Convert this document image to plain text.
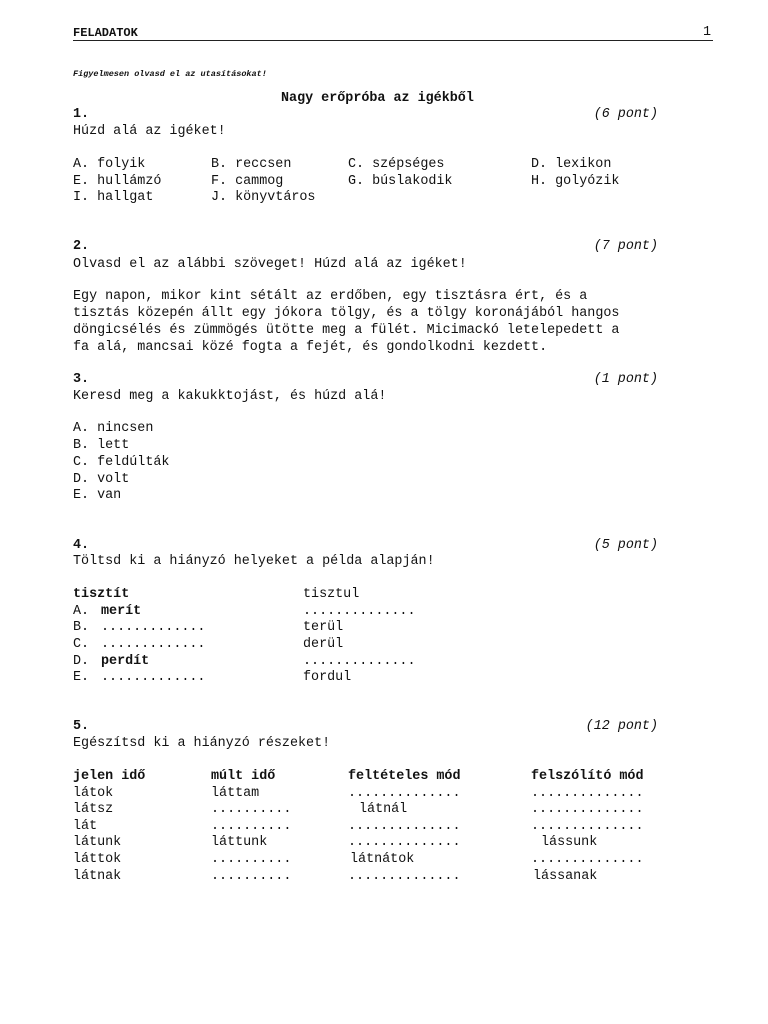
FELADATOK	1
Figyelmesen olvasd el az utasításokat!
Nagy erőpróba az igékből
1.	(6 pont)
Húzd alá az igéket!
A. folyik	B. reccsen	C. szépséges	D. lexikon
E. hullámzó	F. cammog	G. búslakodik	H. golyózik
I. hallgat	J. könyvtáros
2.	(7 pont)
Olvasd el az alábbi szöveget! Húzd alá az igéket!
Egy napon, mikor kint sétált az erdőben, egy tisztásra ért, és a
tisztás közepén állt egy jókora tölgy, és a tölgy koronájából hangos
döngicsélés és zümmögés ütötte meg a fülét. Micimackó letelepedett a
fa alá, mancsai közé fogta a fejét, és gondolkodni kezdett.
3.	(1 pont)
Keresd meg a kakukktojást, és húzd alá!
A. nincsen
B. lett
C. feldúlták
D. volt
E. van
4.	(5 pont)
Töltsd ki a hiányzó helyeket a példa alapján!
tisztít	tisztul
A. merít	..............
B. .............	terül
C. .............	derül
D. perdít	..............
E. .............	fordul
5.	(12 pont)
Egészítsd ki a hiányzó részeket!
jelen idő	múlt idő	feltételes mód	felszólító mód
látok	láttam	..............	..............
látsz	..........	látnál	..............
lát	..........	..............	..............
látunk	láttunk	..............	lássunk
láttok	..........	látnátok	..............
látnak	..........	..............	lássanak
